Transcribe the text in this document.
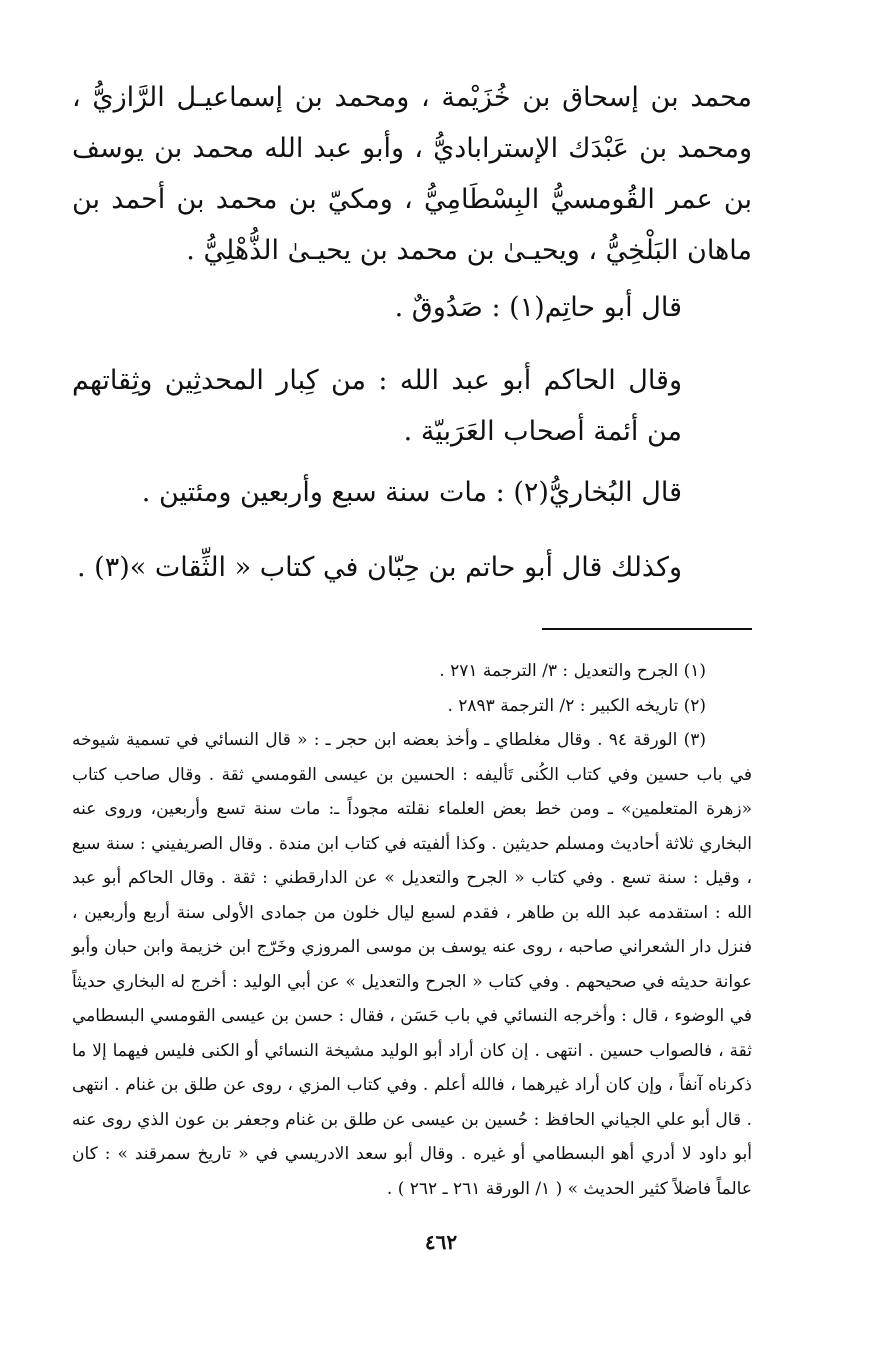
محمد بن إسحاق بن خُزَيْمة ، ومحمد بن إسماعيـل الرَّازيُّ ، ومحمد بن عَبْدَك الإستراباديُّ ، وأبو عبد الله محمد بن يوسف بن عمر القُومسيُّ البِسْطَامِيُّ ، ومكيّ بن محمد بن أحمد بن ماهان البَلْخِيُّ ، ويحيـىٰ بن محمد بن يحيـىٰ الذُّهْلِيُّ .

قال أبو حاتِم(١) : صَدُوقٌ .

وقال الحاكم أبو عبد الله : من كِبار المحدثِين وثِقاتهم من أئمة أصحاب العَرَبيّة .

قال البُخاريُّ(٢) : مات سنة سبع وأربعين ومئتين .

وكذلك قال أبو حاتم بن حِبّان في كتاب « الثِّقات »(٣) .

(١) الجرح والتعديل : ٣/ الترجمة ٢٧١ .

(٢) تاريخه الكبير : ٢/ الترجمة ٢٨٩٣ .

(٣) الورقة ٩٤ . وقال مغلطاي ـ وأخذ بعضه ابن حجر ـ : « قال النسائي في تسمية شيوخه في باب حسين وفي كتاب الكُنى تَأليفه : الحسين بن عيسى القومسي ثقة . وقال صاحب كتاب «زهرة المتعلمين» ـ ومن خط بعض العلماء نقلته مجوداً ـ: مات سنة تسع وأربعين، وروى عنه البخاري ثلاثة أحاديث ومسلم حديثين . وكذا ألفيته في كتاب ابن مندة . وقال الصريفيني : سنة سبع ، وقيل : سنة تسع . وفي كتاب « الجرح والتعديل » عن الدارقطني : ثقة . وقال الحاكم أبو عبد الله : استقدمه عبد الله بن طاهر ، فقدم لسبع ليال خلون من جمادى الأولى سنة أربع وأربعين ، فنزل دار الشعراني صاحبه ، روى عنه يوسف بن موسى المروزي وخَرّج ابن خزيمة وابن حبان وأبو عوانة حديثه في صحيحهم . وفي كتاب « الجرح والتعديل » عن أبي الوليد : أخرج له البخاري حديثاً في الوضوء ، قال : وأخرجه النسائي في باب حَسَن ، فقال : حسن بن عيسى القومسي البسطامي ثقة ، فالصواب حسين . انتهى . إن كان أراد أبو الوليد مشيخة النسائي أو الكنى فليس فيهما إلا ما ذكرناه آنفاً ، وإن كان أراد غيرهما ، فالله أعلم . وفي كتاب المزي ، روى عن طلق بن غنام . انتهى . قال أبو علي الجياني الحافظ : حُسين بن عيسى عن طلق بن غنام وجعفر بن عون الذي روى عنه أبو داود لا أدري أهو البسطامي أو غيره . وقال أبو سعد الادريسي في « تاريخ سمرقند » : كان عالماً فاضلاً كثير الحديث » ( ١/ الورقة ٢٦١ ـ ٢٦٢ ) .

٤٦٢
